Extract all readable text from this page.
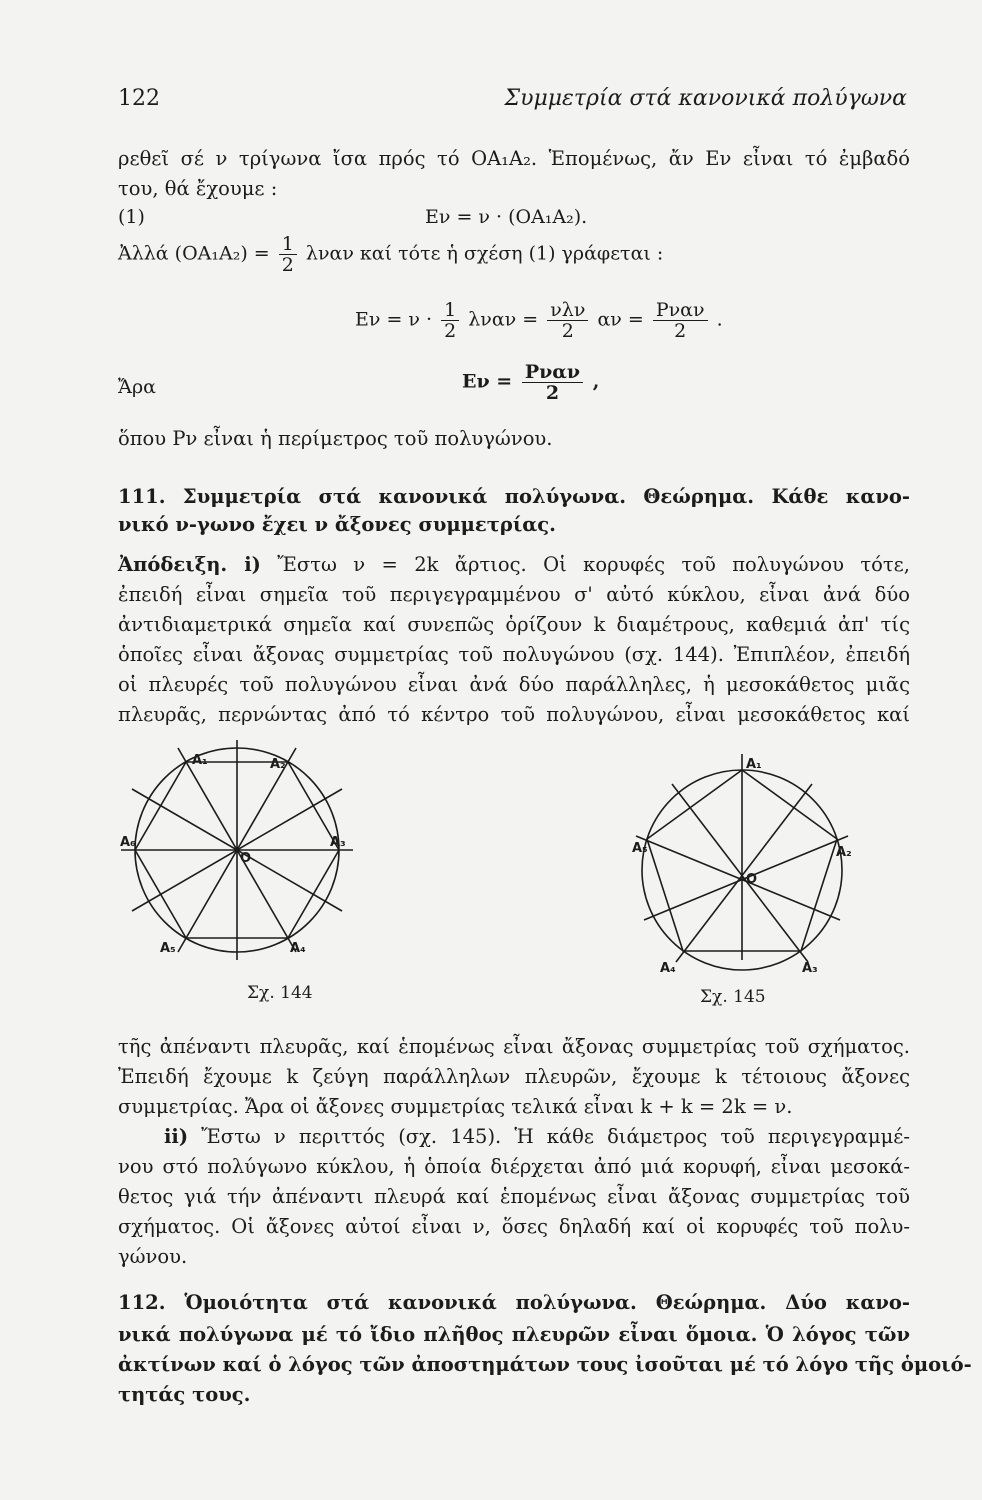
122	Συμμετρία στά κανονικά πολύγωνα
ρεθεῖ σέ ν τρίγωνα ἴσα πρός τό ΟΑ₁Α₂. Ἑπομένως, ἄν Eν εἶναι τό ἐμβαδό
του, θά ἔχουμε :
(1)	Eν = ν · (ΟΑ₁Α₂).
Ἀλλά $(OA_1A_2) = \frac{1}{2}$ λναν καί τότε ἡ σχέση (1) γράφεται :
$E\nu = \nu \cdot \frac{1}{2}$ $\lambda\nu\alpha\nu = \frac{\text{νλν}}{2}$ $\alpha\nu = \frac{\text{Pναν}}{2}$ .
Ἄρα	$E\nu = \frac{\text{Pναν}}{2}$ ,
ὅπου Pν εἶναι ἡ περίμετρος τοῦ πολυγώνου.
111. Συμμετρία στά κανονικά πολύγωνα. Θεώρημα. Κάθε κανο-
νικό ν-γωνο ἔχει ν ἄξονες συμμετρίας.
Ἀπόδειξη. i) Ἔστω ν = 2k ἄρτιος. Οἱ κορυφές τοῦ πολυγώνου τότε,
ἐπειδή εἶναι σημεῖα τοῦ περιγεγραμμένου σ' αὐτό κύκλου, εἶναι ἀνά δύο
ἀντιδιαμετρικά σημεῖα καί συνεπῶς ὁρίζουν k διαμέτρους, καθεμιά ἀπ' τίς
ὁποῖες εἶναι ἄξονας συμμετρίας τοῦ πολυγώνου (σχ. 144). Ἐπιπλέον, ἐπειδή
οἱ πλευρές τοῦ πολυγώνου εἶναι ἀνά δύο παράλληλες, ἡ μεσοκάθετος μιᾶς
πλευρᾶς, περνώντας ἀπό τό κέντρο τοῦ πολυγώνου, εἶναι μεσοκάθετος καί
A₁	A₂
A₃
A₄
A₅
A₆
O
Σχ. 144
A₁
A₂
A₃
A₄
A₅
O
Σχ. 145
τῆς ἀπέναντι πλευρᾶς, καί ἑπομένως εἶναι ἄξονας συμμετρίας τοῦ σχήματος.
Ἐπειδή ἔχουμε k ζεύγη παράλληλων πλευρῶν, ἔχουμε k τέτοιους ἄξονες
συμμετρίας. Ἄρα οἱ ἄξονες συμμετρίας τελικά εἶναι k + k = 2k = ν.
ii) Ἔστω ν περιττός (σχ. 145). Ἡ κάθε διάμετρος τοῦ περιγεγραμμέ-
νου στό πολύγωνο κύκλου, ἡ ὁποία διέρχεται ἀπό μιά κορυφή, εἶναι μεσοκά-
θετος γιά τήν ἀπέναντι πλευρά καί ἑπομένως εἶναι ἄξονας συμμετρίας τοῦ
σχήματος. Οἱ ἄξονες αὐτοί εἶναι ν, ὅσες δηλαδή καί οἱ κορυφές τοῦ πολυ-
γώνου.
112. Ὁμοιότητα στά κανονικά πολύγωνα. Θεώρημα. Δύο κανο-
νικά πολύγωνα μέ τό ἴδιο πλῆθος πλευρῶν εἶναι ὅμοια. Ὁ λόγος τῶν
ἀκτίνων καί ὁ λόγος τῶν ἀποστημάτων τους ἰσοῦται μέ τό λόγο τῆς ὁμοιό-
τητάς τους.
